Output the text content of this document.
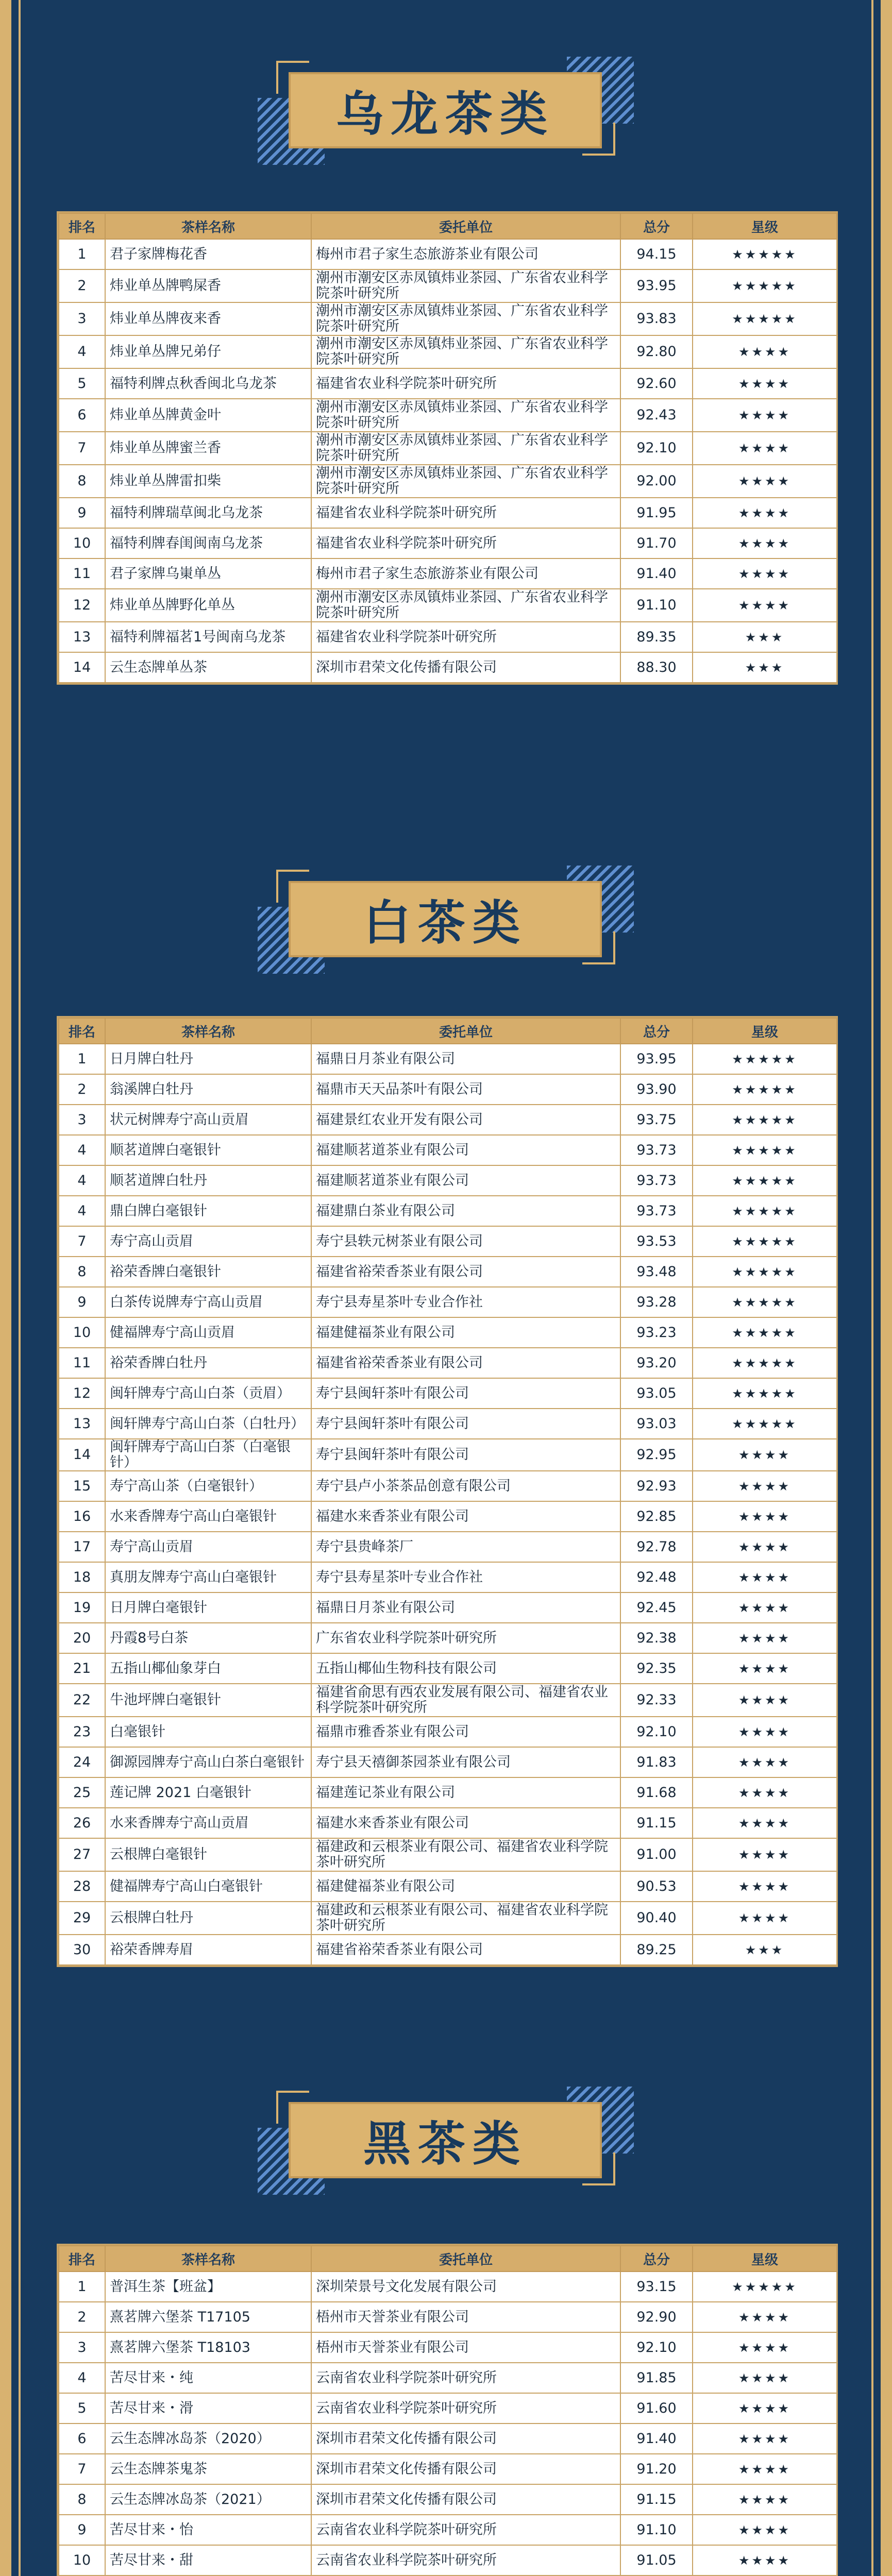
乌龙茶类
排名	茶样名称	委托单位	总分	星级
1	君子家牌梅花香	梅州市君子家生态旅游茶业有限公司	94.15	★★★★★
2	炜业单丛牌鸭屎香	潮州市潮安区赤凤镇炜业茶园、广东省农业科学院茶叶研究所	93.95	★★★★★
3	炜业单丛牌夜来香	潮州市潮安区赤凤镇炜业茶园、广东省农业科学院茶叶研究所	93.83	★★★★★
4	炜业单丛牌兄弟仔	潮州市潮安区赤凤镇炜业茶园、广东省农业科学院茶叶研究所	92.80	★★★★
5	福特利牌点秋香闽北乌龙茶	福建省农业科学院茶叶研究所	92.60	★★★★
6	炜业单丛牌黄金叶	潮州市潮安区赤凤镇炜业茶园、广东省农业科学院茶叶研究所	92.43	★★★★
7	炜业单丛牌蜜兰香	潮州市潮安区赤凤镇炜业茶园、广东省农业科学院茶叶研究所	92.10	★★★★
8	炜业单丛牌雷扣柴	潮州市潮安区赤凤镇炜业茶园、广东省农业科学院茶叶研究所	92.00	★★★★
9	福特利牌瑞草闽北乌龙茶	福建省农业科学院茶叶研究所	91.95	★★★★
10	福特利牌春闺闽南乌龙茶	福建省农业科学院茶叶研究所	91.70	★★★★
11	君子家牌乌崬单丛	梅州市君子家生态旅游茶业有限公司	91.40	★★★★
12	炜业单丛牌野化单丛	潮州市潮安区赤凤镇炜业茶园、广东省农业科学院茶叶研究所	91.10	★★★★
13	福特利牌福茗1号闽南乌龙茶	福建省农业科学院茶叶研究所	89.35	★★★
14	云生态牌单丛茶	深圳市君荣文化传播有限公司	88.30	★★★
白茶类
排名	茶样名称	委托单位	总分	星级
1	日月牌白牡丹	福鼎日月茶业有限公司	93.95	★★★★★
2	翁溪牌白牡丹	福鼎市天天品茶叶有限公司	93.90	★★★★★
3	状元树牌寿宁高山贡眉	福建景红农业开发有限公司	93.75	★★★★★
4	顺茗道牌白毫银针	福建顺茗道茶业有限公司	93.73	★★★★★
4	顺茗道牌白牡丹	福建顺茗道茶业有限公司	93.73	★★★★★
4	鼎白牌白毫银针	福建鼎白茶业有限公司	93.73	★★★★★
7	寿宁高山贡眉	寿宁县轶元树茶业有限公司	93.53	★★★★★
8	裕荣香牌白毫银针	福建省裕荣香茶业有限公司	93.48	★★★★★
9	白茶传说牌寿宁高山贡眉	寿宁县寿星茶叶专业合作社	93.28	★★★★★
10	健福牌寿宁高山贡眉	福建健福茶业有限公司	93.23	★★★★★
11	裕荣香牌白牡丹	福建省裕荣香茶业有限公司	93.20	★★★★★
12	闽轩牌寿宁高山白茶（贡眉）	寿宁县闽轩茶叶有限公司	93.05	★★★★★
13	闽轩牌寿宁高山白茶（白牡丹）	寿宁县闽轩茶叶有限公司	93.03	★★★★★
14	闽轩牌寿宁高山白茶（白毫银针）	寿宁县闽轩茶叶有限公司	92.95	★★★★
15	寿宁高山茶（白毫银针）	寿宁县卢小茶茶品创意有限公司	92.93	★★★★
16	水来香牌寿宁高山白毫银针	福建水来香茶业有限公司	92.85	★★★★
17	寿宁高山贡眉	寿宁县贵峰茶厂	92.78	★★★★
18	真朋友牌寿宁高山白毫银针	寿宁县寿星茶叶专业合作社	92.48	★★★★
19	日月牌白毫银针	福鼎日月茶业有限公司	92.45	★★★★
20	丹霞8号白茶	广东省农业科学院茶叶研究所	92.38	★★★★
21	五指山椰仙象芽白	五指山椰仙生物科技有限公司	92.35	★★★★
22	牛池坪牌白毫银针	福建省俞思有西农业发展有限公司、福建省农业科学院茶叶研究所	92.33	★★★★
23	白毫银针	福鼎市雅香茶业有限公司	92.10	★★★★
24	御源园牌寿宁高山白茶白毫银针	寿宁县天禧御茶园茶业有限公司	91.83	★★★★
25	莲记牌 2021 白毫银针	福建莲记茶业有限公司	91.68	★★★★
26	水来香牌寿宁高山贡眉	福建水来香茶业有限公司	91.15	★★★★
27	云根牌白毫银针	福建政和云根茶业有限公司、福建省农业科学院茶叶研究所	91.00	★★★★
28	健福牌寿宁高山白毫银针	福建健福茶业有限公司	90.53	★★★★
29	云根牌白牡丹	福建政和云根茶业有限公司、福建省农业科学院茶叶研究所	90.40	★★★★
30	裕荣香牌寿眉	福建省裕荣香茶业有限公司	89.25	★★★
黑茶类
排名	茶样名称	委托单位	总分	星级
1	普洱生茶【班盆】	深圳荣景号文化发展有限公司	93.15	★★★★★
2	熹茗牌六堡茶 T17105	梧州市天誉茶业有限公司	92.90	★★★★
3	熹茗牌六堡茶 T18103	梧州市天誉茶业有限公司	92.10	★★★★
4	苦尽甘来・纯	云南省农业科学院茶叶研究所	91.85	★★★★
5	苦尽甘来・滑	云南省农业科学院茶叶研究所	91.60	★★★★
6	云生态牌冰岛茶（2020）	深圳市君荣文化传播有限公司	91.40	★★★★
7	云生态牌茶鬼茶	深圳市君荣文化传播有限公司	91.20	★★★★
8	云生态牌冰岛茶（2021）	深圳市君荣文化传播有限公司	91.15	★★★★
9	苦尽甘来・怡	云南省农业科学院茶叶研究所	91.10	★★★★
10	苦尽甘来・甜	云南省农业科学院茶叶研究所	91.05	★★★★
